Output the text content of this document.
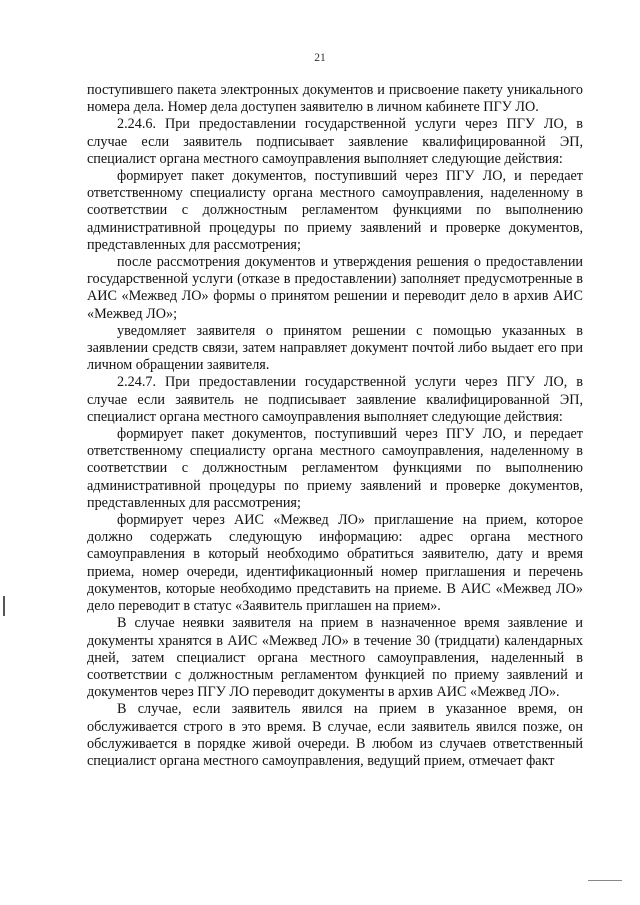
21

поступившего пакета электронных документов и присвоение пакету уникального номера дела. Номер дела доступен заявителю в личном кабинете ПГУ ЛО.

2.24.6. При предоставлении государственной услуги через ПГУ ЛО, в случае если заявитель подписывает заявление квалифицированной ЭП, специалист органа местного самоуправления выполняет следующие действия:

формирует пакет документов, поступивший через ПГУ ЛО, и передает ответственному специалисту органа местного самоуправления, наделенному в соответствии с должностным регламентом функциями по выполнению административной процедуры по приему заявлений и проверке документов, представленных для рассмотрения;

после рассмотрения документов и утверждения решения о предоставлении государственной услуги (отказе в предоставлении) заполняет предусмотренные в АИС «Межвед ЛО» формы о принятом решении и переводит дело в архив АИС «Межвед ЛО»;

уведомляет заявителя о принятом решении с помощью указанных в заявлении средств связи, затем направляет документ почтой либо выдает его при личном обращении заявителя.

2.24.7. При предоставлении государственной услуги через ПГУ ЛО, в случае если заявитель не подписывает заявление квалифицированной ЭП, специалист органа местного самоуправления выполняет следующие действия:

формирует пакет документов, поступивший через ПГУ ЛО, и передает ответственному специалисту органа местного самоуправления, наделенному в соответствии с должностным регламентом функциями по выполнению административной процедуры по приему заявлений и проверке документов, представленных для рассмотрения;

формирует через АИС «Межвед ЛО» приглашение на прием, которое должно содержать следующую информацию: адрес органа местного самоуправления в который необходимо обратиться заявителю, дату и время приема, номер очереди, идентификационный номер приглашения и перечень документов, которые необходимо представить на приеме. В АИС «Межвед ЛО» дело переводит в статус «Заявитель приглашен на прием».

В случае неявки заявителя на прием в назначенное время заявление и документы хранятся в АИС «Межвед ЛО» в течение 30 (тридцати) календарных дней, затем специалист органа местного самоуправления, наделенный в соответствии с должностным регламентом функцией по приему заявлений и документов через ПГУ ЛО переводит документы в архив АИС «Межвед ЛО».

В случае, если заявитель явился на прием в указанное время, он обслуживается строго в это время. В случае, если заявитель явился позже, он обслуживается в порядке живой очереди. В любом из случаев ответственный специалист органа местного самоуправления, ведущий прием, отмечает факт
